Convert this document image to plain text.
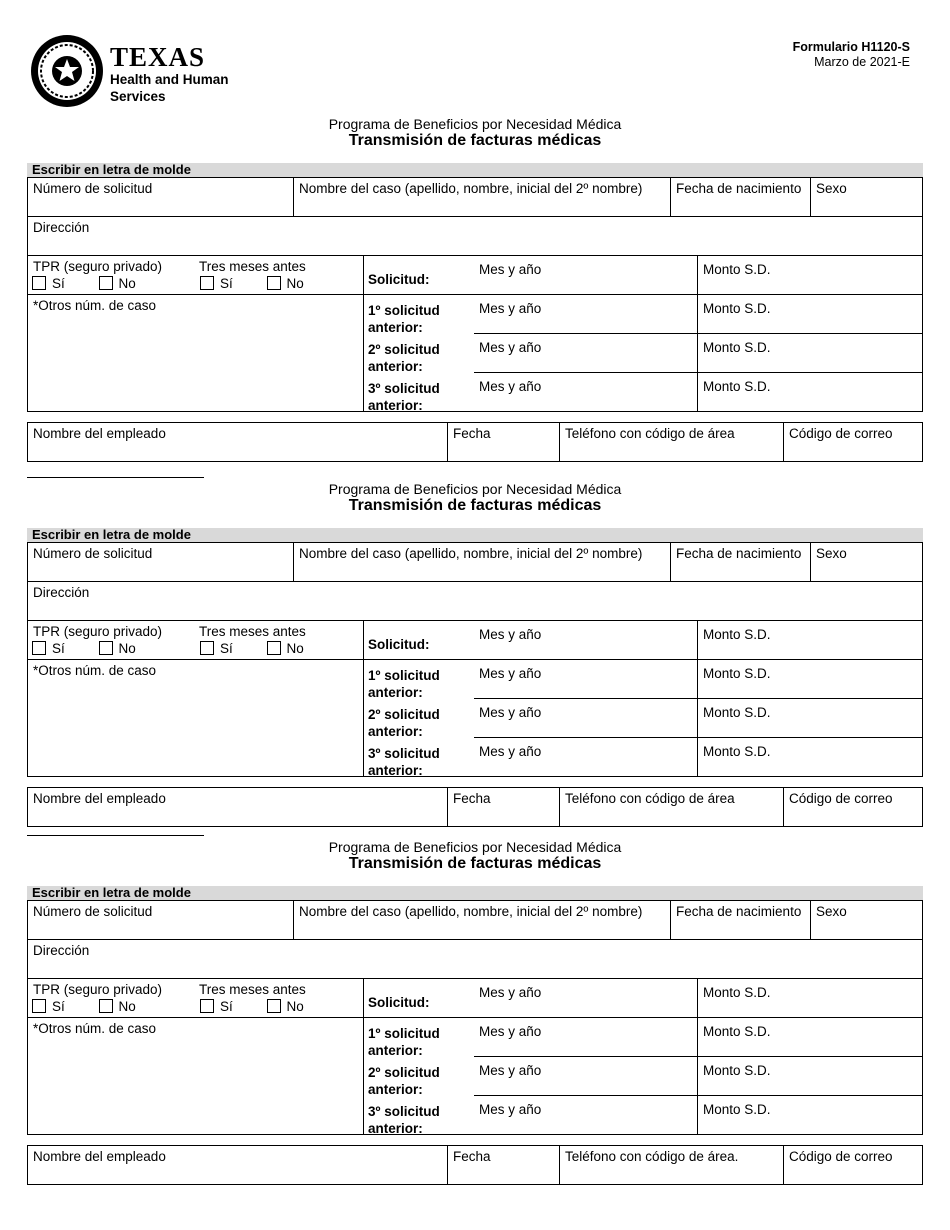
TEXAS
Health and Human
Services
Formulario H1120-S
Marzo de 2021-E
Programa de Beneficios por Necesidad Médica
Transmisión de facturas médicas
Escribir en letra de molde
Número de solicitud	Nombre del caso (apellido, nombre, inicial del 2º nombre)	Fecha de nacimiento	Sexo
Dirección
TPR (seguro privado)
Sí	No
Tres meses antes
Sí	No
*Otros núm. de caso
Solicitud:
Mes y año	Monto S.D.
1º solicitud
anterior:
Mes y año	Monto S.D.
2º solicitud
anterior:
Mes y año	Monto S.D.
3º solicitud
anterior:
Mes y año	Monto S.D.
Nombre del empleado	Fecha	Teléfono con código de área	Código de correo
Programa de Beneficios por Necesidad Médica
Transmisión de facturas médicas
Escribir en letra de molde
Número de solicitud	Nombre del caso (apellido, nombre, inicial del 2º nombre)	Fecha de nacimiento	Sexo
Dirección
TPR (seguro privado)
Sí	No
Tres meses antes
Sí	No
*Otros núm. de caso
Solicitud:
Mes y año	Monto S.D.
1º solicitud
anterior:
Mes y año	Monto S.D.
2º solicitud
anterior:
Mes y año	Monto S.D.
3º solicitud
anterior:
Mes y año	Monto S.D.
Nombre del empleado	Fecha	Teléfono con código de área	Código de correo
Programa de Beneficios por Necesidad Médica
Transmisión de facturas médicas
Escribir en letra de molde
Número de solicitud	Nombre del caso (apellido, nombre, inicial del 2º nombre)	Fecha de nacimiento	Sexo
Dirección
TPR (seguro privado)
Sí	No
Tres meses antes
Sí	No
*Otros núm. de caso
Solicitud:
Mes y año	Monto S.D.
1º solicitud
anterior:
Mes y año	Monto S.D.
2º solicitud
anterior:
Mes y año	Monto S.D.
3º solicitud
anterior:
Mes y año	Monto S.D.
Nombre del empleado	Fecha	Teléfono con código de área.	Código de correo
